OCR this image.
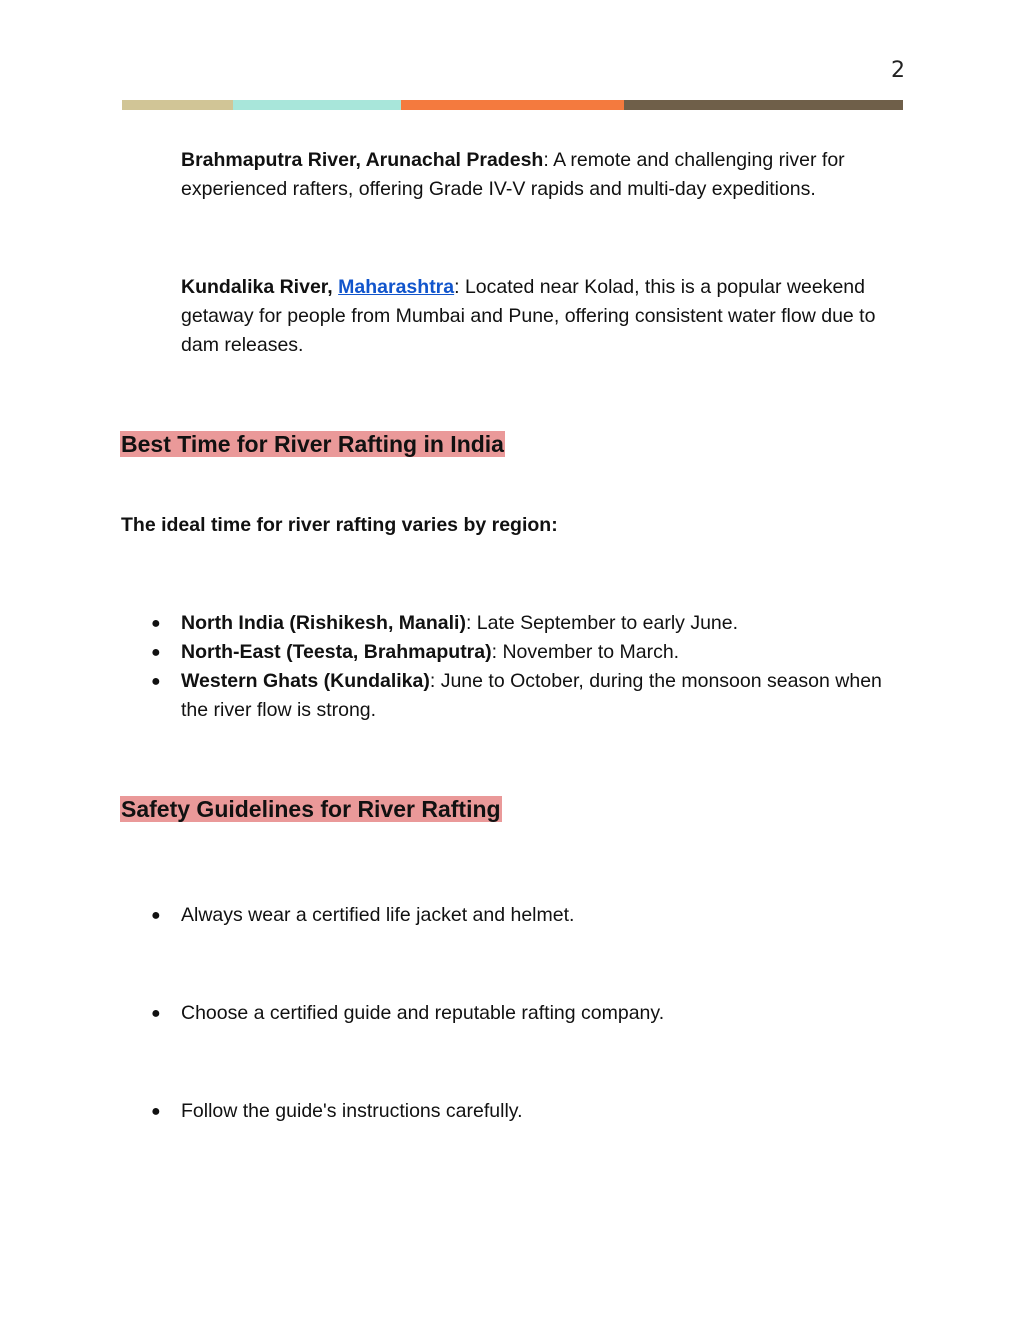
2

Brahmaputra River, Arunachal Pradesh: A remote and challenging river for experienced rafters, offering Grade IV-V rapids and multi-day expeditions.

Kundalika River, Maharashtra: Located near Kolad, this is a popular weekend getaway for people from Mumbai and Pune, offering consistent water flow due to dam releases.

Best Time for River Rafting in India

The ideal time for river rafting varies by region:

● North India (Rishikesh, Manali): Late September to early June.
● North-East (Teesta, Brahmaputra): November to March.
● Western Ghats (Kundalika): June to October, during the monsoon season when the river flow is strong.
Safety Guidelines for River Rafting
● Always wear a certified life jacket and helmet.
● Choose a certified guide and reputable rafting company.
● Follow the guide's instructions carefully.
